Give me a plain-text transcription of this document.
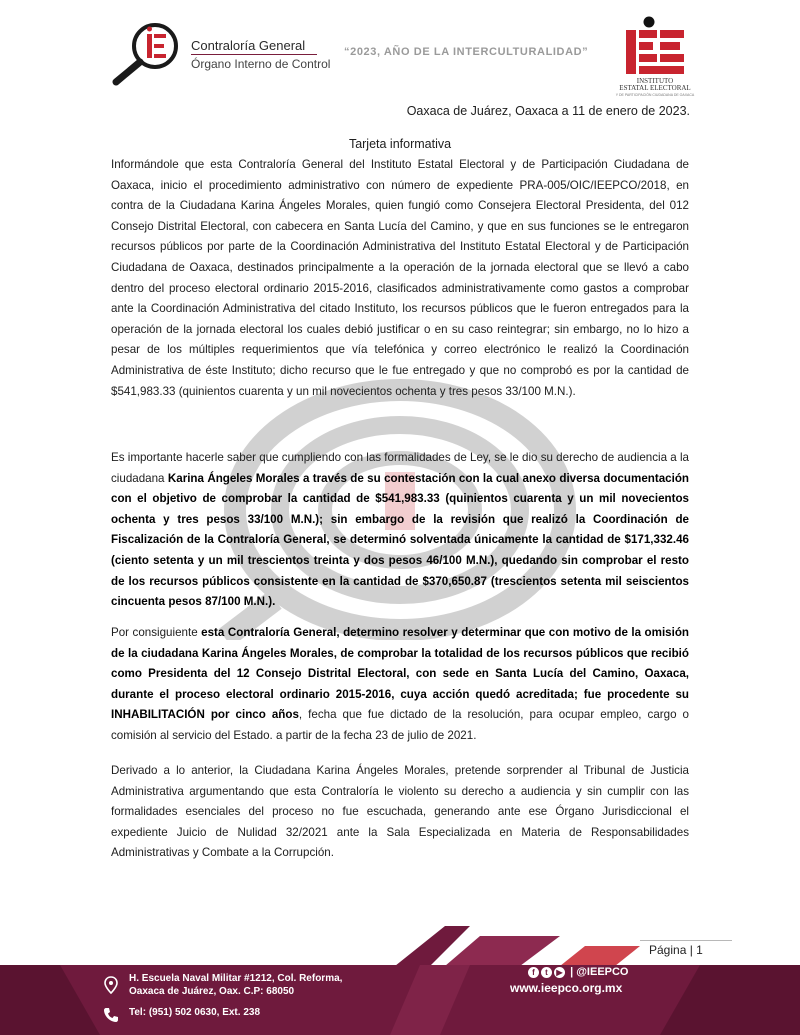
Contraloría General
Órgano Interno de Control
“2023, AÑO DE LA INTERCULTURALIDAD”
INSTITUTO
ESTATAL ELECTORAL
Y DE PARTICIPACIÓN CIUDADANA DE OAXACA
Oaxaca de Juárez, Oaxaca a 11 de enero de 2023.
Tarjeta informativa
Informándole que esta Contraloría General del Instituto Estatal Electoral y de Participación Ciudadana de Oaxaca, inicio el procedimiento administrativo con número de expediente PRA-005/OIC/IEEPCO/2018, en contra de la Ciudadana Karina Ángeles Morales, quien fungió como Consejera Electoral Presidenta, del 012 Consejo Distrital Electoral, con cabecera en Santa Lucía del Camino, y que en sus funciones se le entregaron recursos públicos por parte de la Coordinación Administrativa del Instituto Estatal Electoral y de Participación Ciudadana de Oaxaca, destinados principalmente a la operación de la jornada electoral que se llevó a cabo dentro del proceso electoral ordinario 2015-2016, clasificados administrativamente como gastos a comprobar ante la Coordinación Administrativa del citado Instituto, los recursos públicos que le fueron entregados para la operación de la jornada electoral los cuales debió justificar o en su caso reintegrar; sin embargo, no lo hizo a pesar de los múltiples requerimientos que vía telefónica y correo electrónico le realizó la Coordinación Administrativa de éste Instituto; dicho recurso que le fue entregado y que no comprobó es por la cantidad de $541,983.33 (quinientos cuarenta y un mil novecientos ochenta y tres pesos 33/100 M.N.).
Es importante hacerle saber que cumpliendo con las formalidades de Ley, se le dio su derecho de audiencia a la ciudadana Karina Ángeles Morales a través de su contestación con la cual anexo diversa documentación con el objetivo de comprobar la cantidad de $541,983.33 (quinientos cuarenta y un mil novecientos ochenta y tres pesos 33/100 M.N.); sin embargo de la revisión que realizó la Coordinación de Fiscalización de la Contraloría General, se determinó solventada únicamente la cantidad de $171,332.46 (ciento setenta y un mil trescientos treinta y dos pesos 46/100 M.N.), quedando sin comprobar el resto de los recursos públicos consistente en la cantidad de $370,650.87 (trescientos setenta mil seiscientos cincuenta pesos 87/100 M.N.).
Por consiguiente esta Contraloría General, determino resolver y determinar que con motivo de la omisión de la ciudadana Karina Ángeles Morales, de comprobar la totalidad de los recursos públicos que recibió como Presidenta del 12 Consejo Distrital Electoral, con sede en Santa Lucía del Camino, Oaxaca, durante el proceso electoral ordinario 2015-2016, cuya acción quedó acreditada; fue procedente su INHABILITACIÓN por cinco años, fecha que fue dictado de la resolución, para ocupar empleo, cargo o comisión al servicio del Estado. a partir de la fecha 23 de julio de 2021.
Derivado a lo anterior, la Ciudadana Karina Ángeles Morales, pretende sorprender al Tribunal de Justicia Administrativa argumentando que esta Contraloría le violento su derecho a audiencia y sin cumplir con las formalidades esenciales del proceso no fue escuchada, generando ante ese Órgano Jurisdiccional el expediente Juicio de Nulidad 32/2021 ante la Sala Especializada en Materia de Responsabilidades Administrativas y Combate a la Corrupción.
Página | 1
H. Escuela Naval Militar #1212, Col. Reforma,
Oaxaca de Juárez, Oax. C.P: 68050
Tel: (951) 502 0630, Ext. 238
f t ▶ | @IEEPCO
www.ieepco.org.mx
